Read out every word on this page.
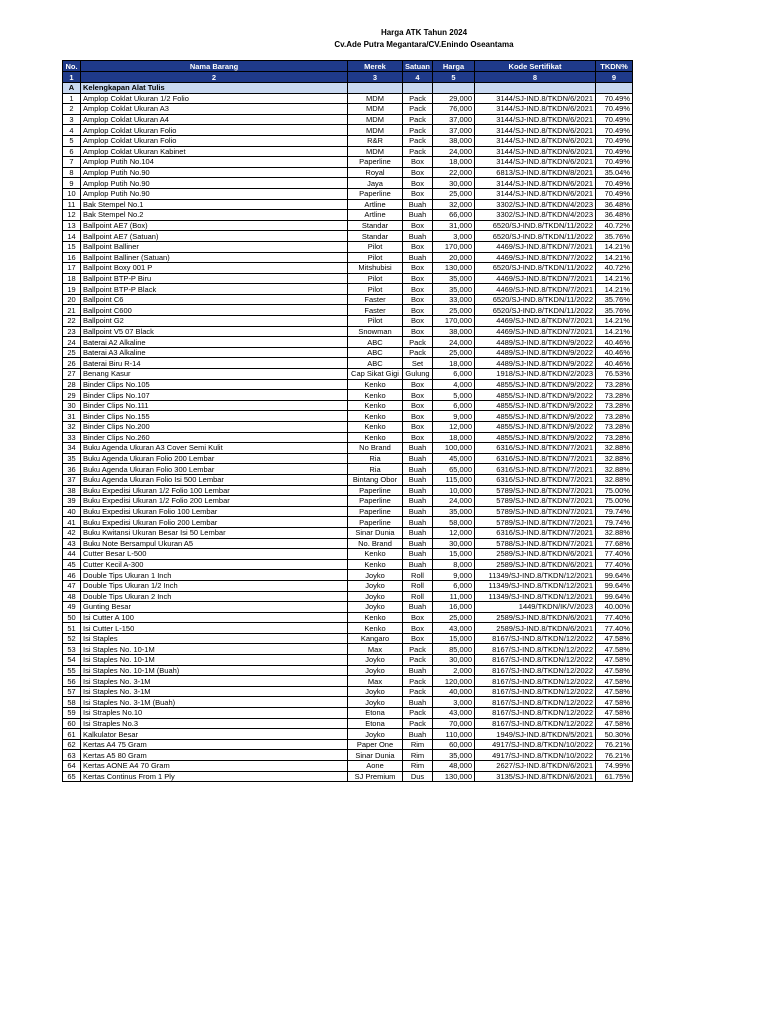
Harga ATK Tahun 2024
Cv.Ade Putra Megantara/CV.Enindo Oseantama
No.	Nama Barang	Merek	Satuan	Harga	Kode Sertifikat	TKDN%
1	2	3	4	5	8	9
A	Kelengkapan Alat Tulis					
1	Amplop Coklat Ukuran 1/2 Folio	MDM	Pack	29,000	3144/SJ-IND.8/TKDN/6/2021	70.49%
2	Amplop Coklat Ukuran A3	MDM	Pack	76,000	3144/SJ-IND.8/TKDN/6/2021	70.49%
3	Amplop Coklat Ukuran A4	MDM	Pack	37,000	3144/SJ-IND.8/TKDN/6/2021	70.49%
4	Amplop Coklat Ukuran Folio	MDM	Pack	37,000	3144/SJ-IND.8/TKDN/6/2021	70.49%
5	Amplop Coklat Ukuran Folio	R&R	Pack	38,000	3144/SJ-IND.8/TKDN/6/2021	70.49%
6	Amplop Coklat Ukuran Kabinet	MDM	Pack	24,000	3144/SJ-IND.8/TKDN/6/2021	70.49%
7	Amplop Putih No.104	Paperline	Box	18,000	3144/SJ-IND.8/TKDN/6/2021	70.49%
8	Amplop Putih No.90	Royal	Box	22,000	6813/SJ-IND.8/TKDN/8/2021	35.04%
9	Amplop Putih No.90	Jaya	Box	30,000	3144/SJ-IND.8/TKDN/6/2021	70.49%
10	Amplop Putih No.90	Paperline	Box	25,000	3144/SJ-IND.8/TKDN/6/2021	70.49%
11	Bak Stempel No.1	Artline	Buah	32,000	3302/SJ-IND.8/TKDN/4/2023	36.48%
12	Bak Stempel No.2	Artline	Buah	66,000	3302/SJ-IND.8/TKDN/4/2023	36.48%
13	Ballpoint AE7 (Box)	Standar	Box	31,000	6520/SJ-IND.8/TKDN/11/2022	40.72%
14	Ballpoint AE7 (Satuan)	Standar	Buah	3,000	6520/SJ-IND.8/TKDN/11/2022	35.76%
15	Ballpoint Balliner	Pilot	Box	170,000	4469/SJ-IND.8/TKDN/7/2021	14.21%
16	Ballpoint Balliner (Satuan)	Pilot	Buah	20,000	4469/SJ-IND.8/TKDN/7/2022	14.21%
17	Ballpoint Boxy 001 P	Mitshubisi	Box	130,000	6520/SJ-IND.8/TKDN/11/2022	40.72%
18	Ballpoint BTP-P Biru	Pilot	Box	35,000	4469/SJ-IND.8/TKDN/7/2021	14.21%
19	Ballpoint BTP-P Black	Pilot	Box	35,000	4469/SJ-IND.8/TKDN/7/2021	14.21%
20	Ballpoint C6	Faster	Box	33,000	6520/SJ-IND.8/TKDN/11/2022	35.76%
21	Ballpoint C600	Faster	Box	25,000	6520/SJ-IND.8/TKDN/11/2022	35.76%
22	Ballpoint G2	Pilot	Box	170,000	4469/SJ-IND.8/TKDN/7/2021	14.21%
23	Ballpoint V5 07 Black	Snowman	Box	38,000	4469/SJ-IND.8/TKDN/7/2021	14.21%
24	Baterai A2 Alkaline	ABC	Pack	24,000	4489/SJ-IND.8/TKDN/9/2022	40.46%
25	Baterai A3 Alkaline	ABC	Pack	25,000	4489/SJ-IND.8/TKDN/9/2022	40.46%
26	Baterai Biru R-14	ABC	Set	18,000	4489/SJ-IND.8/TKDN/9/2022	40.46%
27	Benang Kasur	Cap Sikat Gigi	Gulung	6,000	1918/SJ-IND.8/TKDN/2/2023	76.53%
28	Binder Clips No.105	Kenko	Box	4,000	4855/SJ-IND.8/TKDN/9/2022	73.28%
29	Binder Clips No.107	Kenko	Box	5,000	4855/SJ-IND.8/TKDN/9/2022	73.28%
30	Binder Clips No.111	Kenko	Box	6,000	4855/SJ-IND.8/TKDN/9/2022	73.28%
31	Binder Clips No.155	Kenko	Box	9,000	4855/SJ-IND.8/TKDN/9/2022	73.28%
32	Binder Clips No.200	Kenko	Box	12,000	4855/SJ-IND.8/TKDN/9/2022	73.28%
33	Binder Clips No.260	Kenko	Box	18,000	4855/SJ-IND.8/TKDN/9/2022	73.28%
34	Buku Agenda Ukuran A3 Cover Semi Kulit	No Brand	Buah	100,000	6316/SJ-IND.8/TKDN/7/2021	32.88%
35	Buku Agenda Ukuran Folio 200 Lembar	Ria	Buah	45,000	6316/SJ-IND.8/TKDN/7/2021	32.88%
36	Buku Agenda Ukuran Folio 300 Lembar	Ria	Buah	65,000	6316/SJ-IND.8/TKDN/7/2021	32.88%
37	Buku Agenda Ukuran Folio Isi 500 Lembar	Bintang Obor	Buah	115,000	6316/SJ-IND.8/TKDN/7/2021	32.88%
38	Buku Expedisi Ukuran 1/2 Folio 100 Lembar	Paperline	Buah	10,000	5789/SJ-IND.8/TKDN/7/2021	75.00%
39	Buku Expedisi Ukuran 1/2 Folio 200 Lembar	Paperline	Buah	24,000	5789/SJ-IND.8/TKDN/7/2021	75.00%
40	Buku Expedisi Ukuran Folio 100 Lembar	Paperline	Buah	35,000	5789/SJ-IND.8/TKDN/7/2021	79.74%
41	Buku Expedisi Ukuran Folio 200 Lembar	Paperline	Buah	58,000	5789/SJ-IND.8/TKDN/7/2021	79.74%
42	Buku Kwitansi Ukuran Besar Isi 50 Lembar	Sinar Dunia	Buah	12,000	6316/SJ-IND.8/TKDN/7/2021	32.88%
43	Buku Note Bersampul Ukuran A5	No. Brand	Buah	30,000	5788/SJ-IND.8/TKDN/7/2021	77.68%
44	Cutter Besar L-500	Kenko	Buah	15,000	2589/SJ-IND.8/TKDN/6/2021	77.40%
45	Cutter Kecil A-300	Kenko	Buah	8,000	2589/SJ-IND.8/TKDN/6/2021	77.40%
46	Double Tips Ukuran 1 Inch	Joyko	Roll	9,000	11349/SJ-IND.8/TKDN/12/2021	99.64%
47	Double Tips Ukuran 1/2 Inch	Joyko	Roll	6,000	11349/SJ-IND.8/TKDN/12/2021	99.64%
48	Double Tips Ukuran 2 Inch	Joyko	Roll	11,000	11349/SJ-IND.8/TKDN/12/2021	99.64%
49	Gunting Besar	Joyko	Buah	16,000	1449/TKDN/IK/V/2023	40.00%
50	Isi Cutter A 100	Kenko	Box	25,000	2589/SJ-IND.8/TKDN/6/2021	77.40%
51	Isi Cutter L-150	Kenko	Box	43,000	2589/SJ-IND.8/TKDN/6/2021	77.40%
52	Isi Staples	Kangaro	Box	15,000	8167/SJ-IND.8/TKDN/12/2022	47.58%
53	Isi Staples No. 10-1M	Max	Pack	85,000	8167/SJ-IND.8/TKDN/12/2022	47.58%
54	Isi Staples No. 10-1M	Joyko	Pack	30,000	8167/SJ-IND.8/TKDN/12/2022	47.58%
55	Isi Staples No. 10-1M (Buah)	Joyko	Buah	2,000	8167/SJ-IND.8/TKDN/12/2022	47.58%
56	Isi Staples No. 3-1M	Max	Pack	120,000	8167/SJ-IND.8/TKDN/12/2022	47.58%
57	Isi Staples No. 3-1M	Joyko	Pack	40,000	8167/SJ-IND.8/TKDN/12/2022	47.58%
58	Isi Staples No. 3-1M (Buah)	Joyko	Buah	3,000	8167/SJ-IND.8/TKDN/12/2022	47.58%
59	Isi Straples No.10	Etona	Pack	43,000	8167/SJ-IND.8/TKDN/12/2022	47.58%
60	Isi Straples No.3	Etona	Pack	70,000	8167/SJ-IND.8/TKDN/12/2022	47.58%
61	Kalkulator Besar	Joyko	Buah	110,000	1949/SJ-IND.8/TKDN/5/2021	50.30%
62	Kertas A4 75 Gram	Paper One	Rim	60,000	4917/SJ-IND.8/TKDN/10/2022	76.21%
63	Kertas A5 80 Gram	Sinar Dunia	Rim	35,000	4917/SJ-IND.8/TKDN/10/2022	76.21%
64	Kertas AONE A4 70 Gram	Aone	Rim	48,000	2627/SJ-IND.8/TKDN/6/2021	74.99%
65	Kertas Continus From 1 Ply	SJ Premium	Dus	130,000	3135/SJ-IND.8/TKDN/6/2021	61.75%
